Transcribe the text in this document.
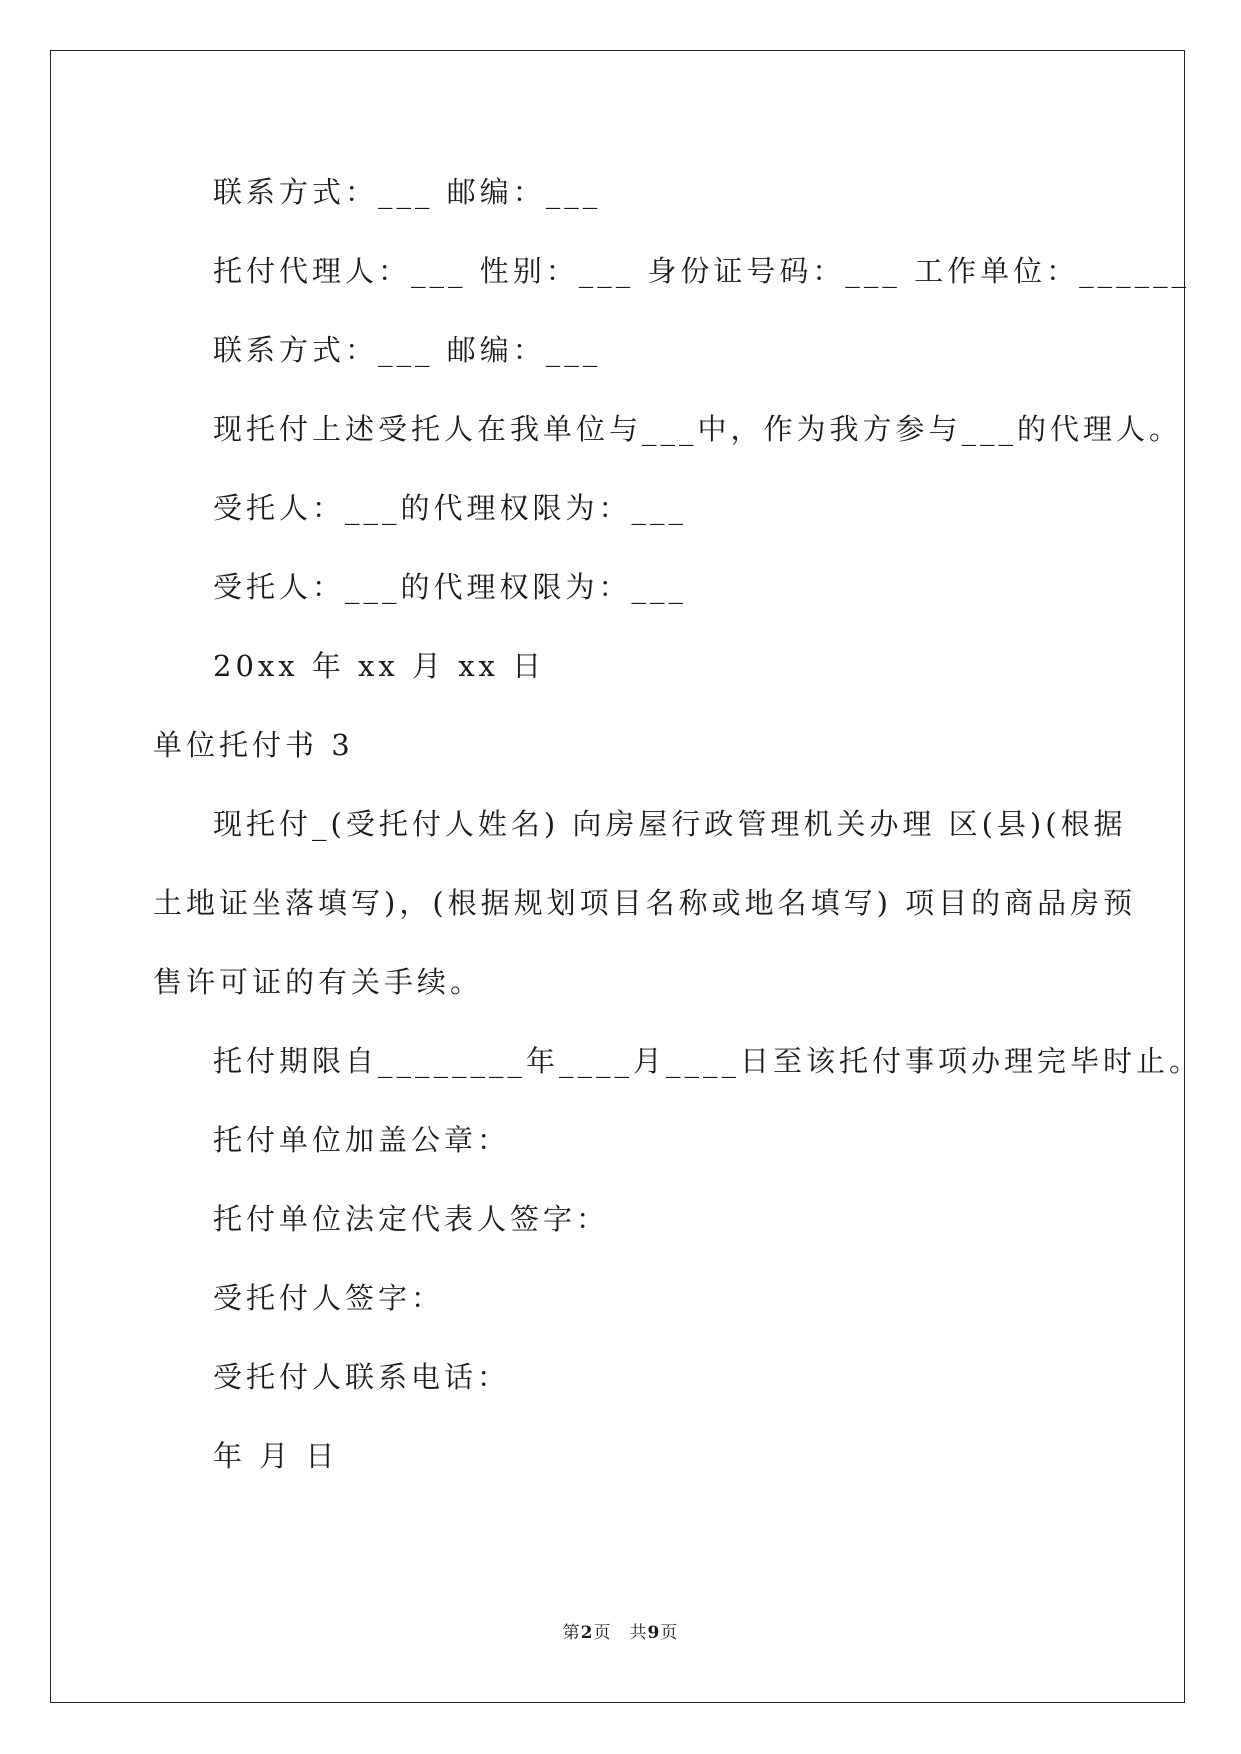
联系方式：___ 邮编：___
托付代理人：___ 性别：___ 身份证号码：___ 工作单位：______
联系方式：___ 邮编：___
现托付上述受托人在我单位与___中，作为我方参与___的代理人。
受托人：___的代理权限为：___
受托人：___的代理权限为：___
20xx 年 xx 月 xx 日
单位托付书 3
现托付_(受托付人姓名) 向房屋行政管理机关办理 区(县)(根据
土地证坐落填写)，(根据规划项目名称或地名填写) 项目的商品房预
售许可证的有关手续。
托付期限自________年____月____日至该托付事项办理完毕时止。
托付单位加盖公章：
托付单位法定代表人签字：
受托付人签字：
受托付人联系电话：
年 月 日
第2页 共9页
